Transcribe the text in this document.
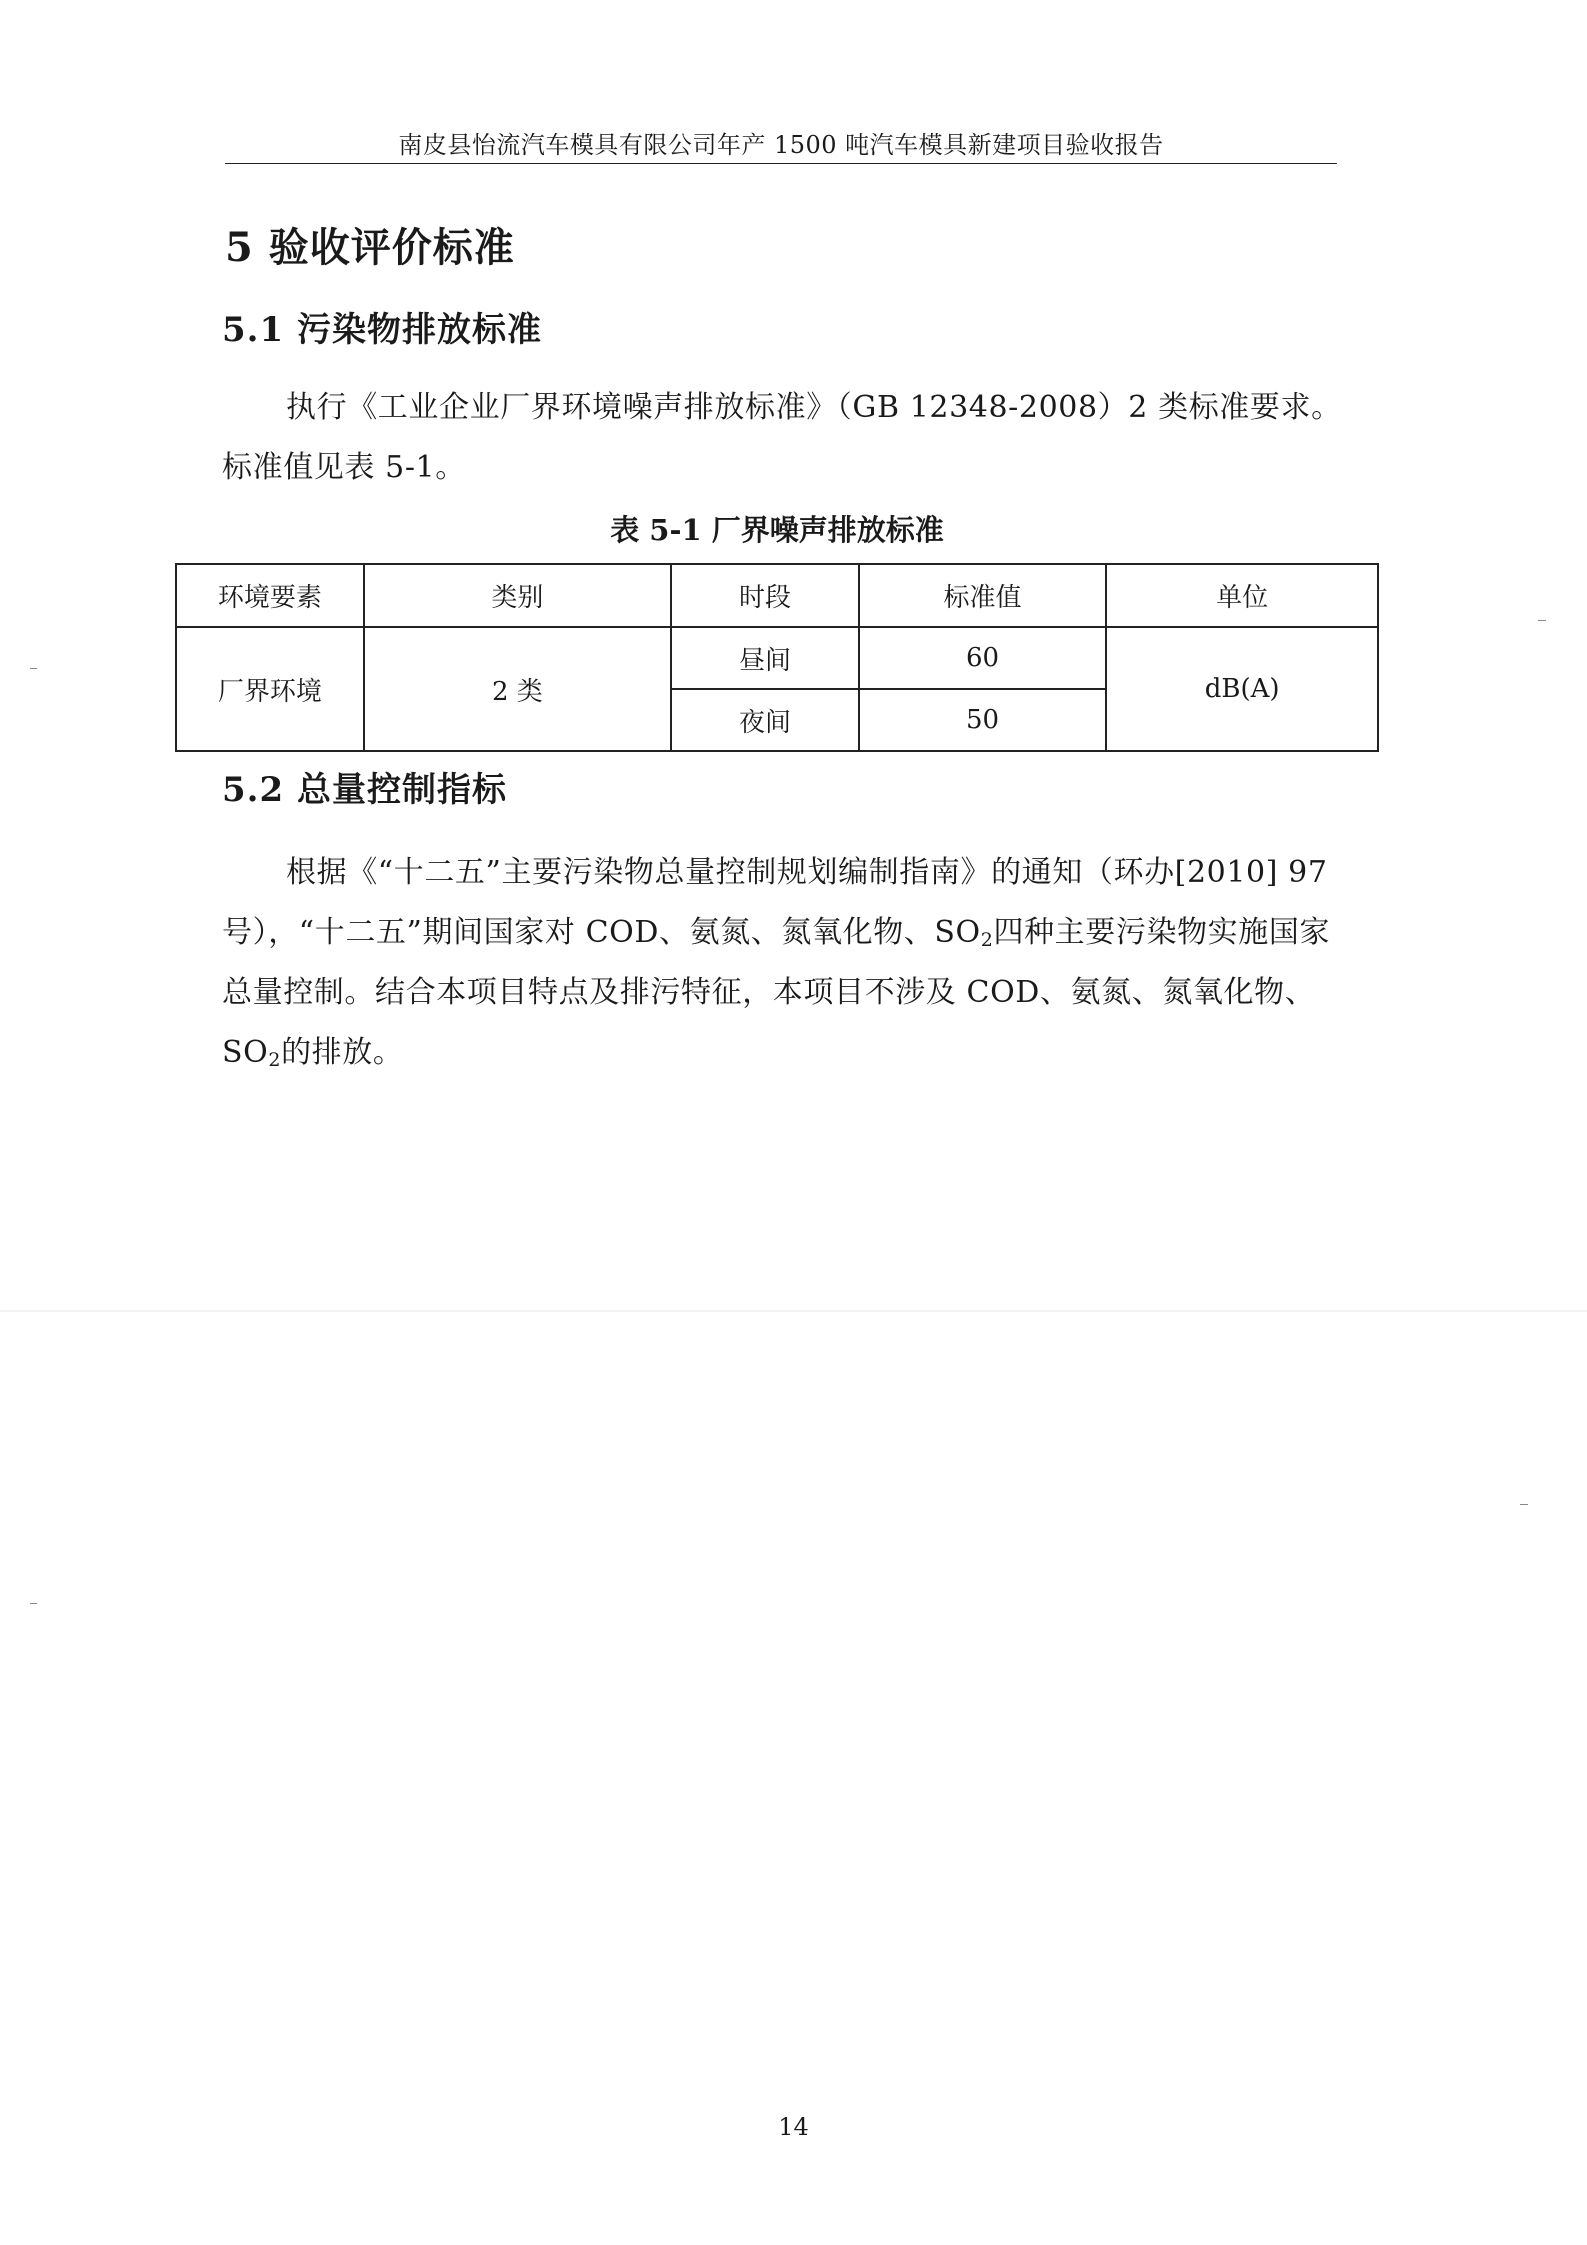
南皮县怡流汽车模具有限公司年产 1500 吨汽车模具新建项目验收报告
5 验收评价标准
5.1 污染物排放标准

执行《工业企业厂界环境噪声排放标准》（GB 12348-2008）2 类标准要求。标准值见表 5-1。

表 5-1 厂界噪声排放标准
环境要素	类别	时段	标准值	单位
厂界环境	2 类	昼间	60	dB(A)
		夜间	50	
5.2 总量控制指标

根据《“十二五”主要污染物总量控制规划编制指南》的通知（环办[2010] 97 号），“十二五”期间国家对 COD、氨氮、氮氧化物、$SO_2$四种主要污染物实施国家总量控制。结合本项目特点及排污特征，本项目不涉及 COD、氨氮、氮氧化物、$SO_2$的排放。

14
